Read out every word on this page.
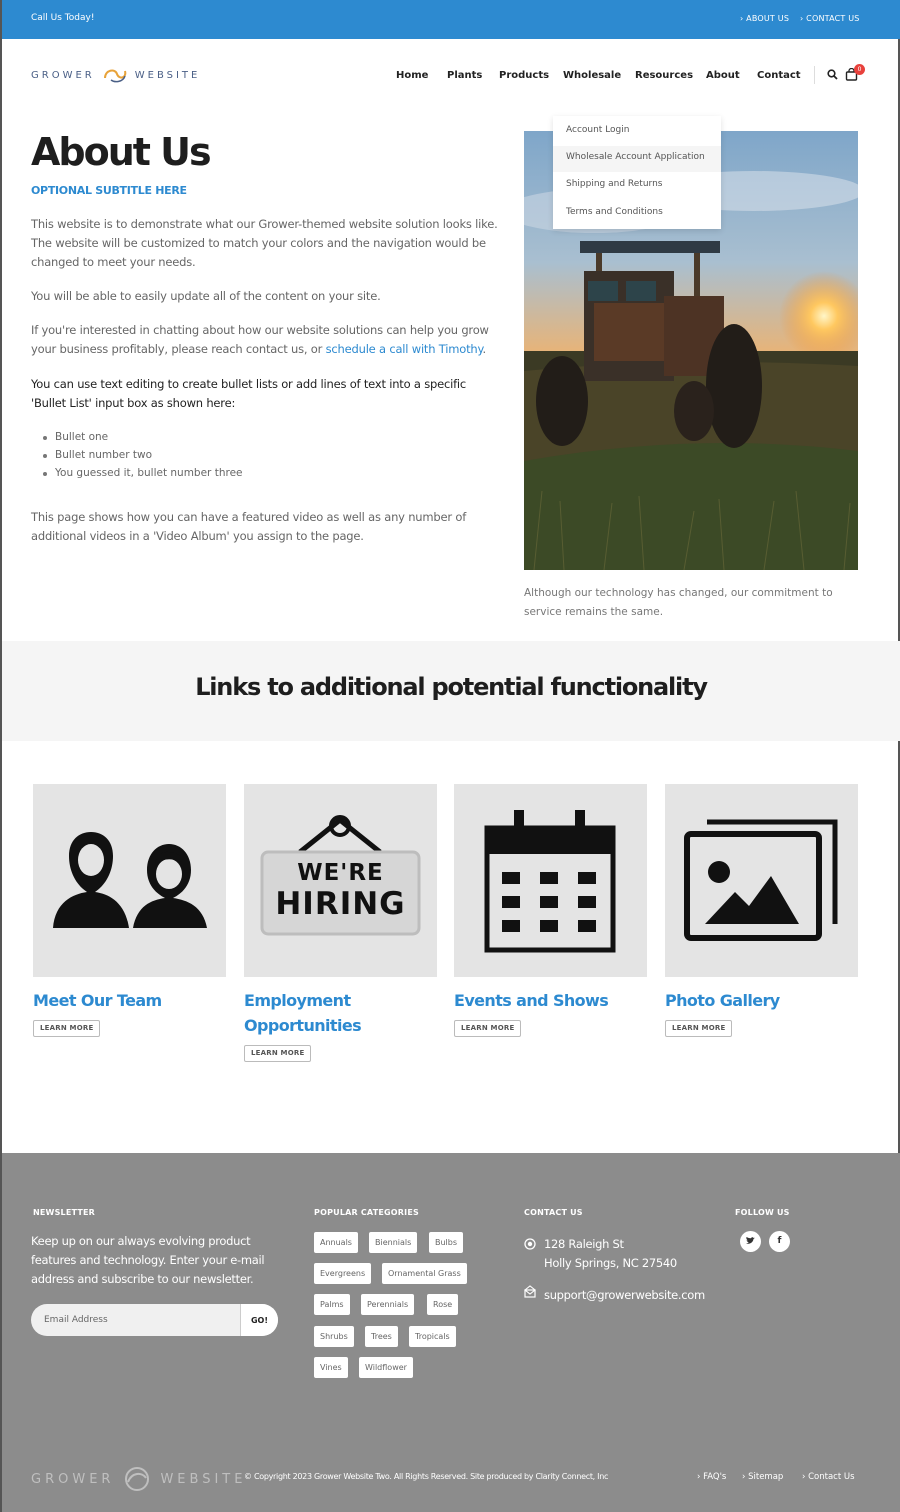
Call Us Today!	› ABOUT US › CONTACT US
GROWER	WEBSITE	Home Plants Products Wholesale Resources About Contact
0
Account Login
Wholesale Account Application
Shipping and Returns
Terms and Conditions
About Us
OPTIONAL SUBTITLE HERE

This website is to demonstrate what our Grower-themed website solution looks like. The website will be customized to match your colors and the navigation would be changed to meet your needs.

You will be able to easily update all of the content on your site.

If you're interested in chatting about how our website solutions can help you grow your business profitably, please reach contact us, or schedule a call with Timothy.

You can use text editing to create bullet lists or add lines of text into a specific 'Bullet List' input box as shown here:

Bullet one
Bullet number two
You guessed it, bullet number three

This page shows how you can have a featured video as well as any number of additional videos in a 'Video Album' you assign to the page.

Although our technology has changed, our commitment to service remains the same.

Links to additional potential functionality
WE'RE
HIRING
Meet Our Team
LEARN MORE
Employment Opportunities
LEARN MORE
Events and Shows
LEARN MORE
Photo Gallery
LEARN MORE
NEWSLETTER

Keep up on our always evolving product features and technology. Enter your e-mail address and subscribe to our newsletter.

Email Address
GO!
POPULAR CATEGORIES
Annuals	Biennials	Bulbs
Evergreens	Ornamental Grass
Palms	Perennials	Rose
Shrubs	Trees	Tropicals
Vines	Wildflower
CONTACT US
128 Raleigh St
Holly Springs, NC 27540
support@growerwebsite.com
FOLLOW US
f
GROWER	WEBSITE
© Copyright 2023 Grower Website Two. All Rights Reserved. Site produced by Clarity Connect, Inc	› FAQ's › Sitemap › Contact Us
